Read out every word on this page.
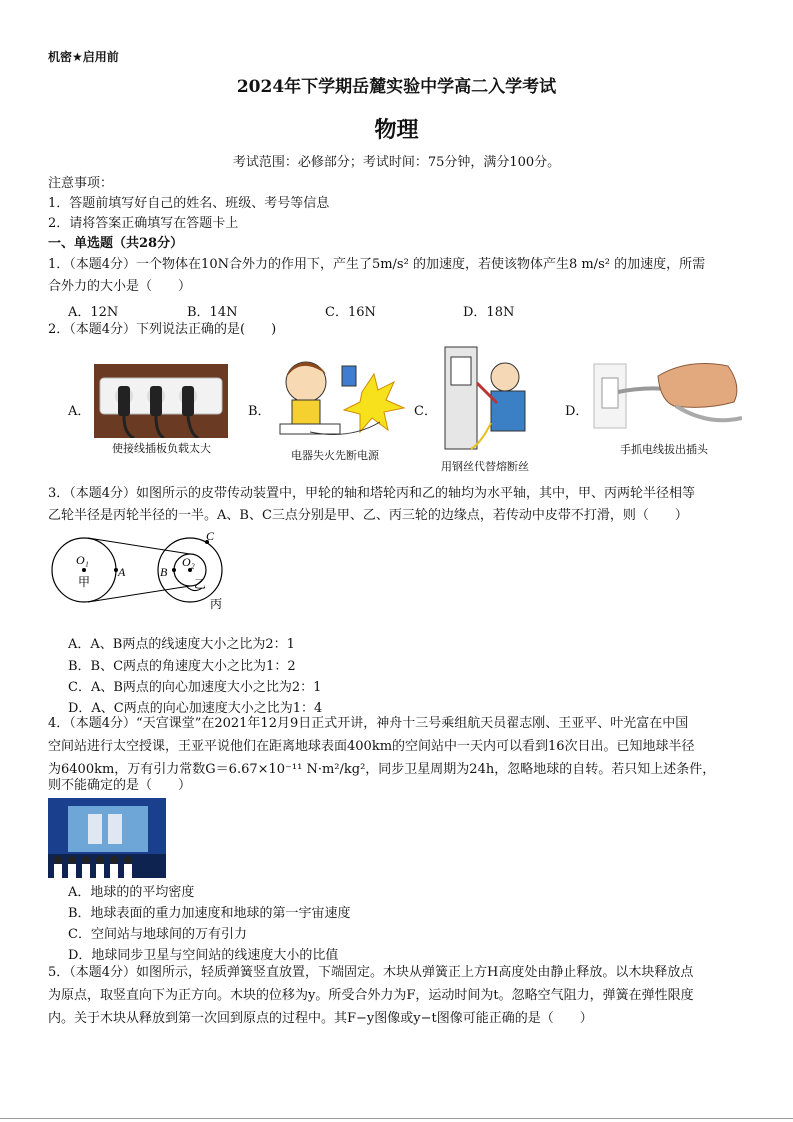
机密★启用前
2024年下学期岳麓实验中学高二入学考试
物理
考试范围：必修部分；考试时间：75分钟，满分100分。
注意事项：
1．答题前填写好自己的姓名、班级、考号等信息
2．请将答案正确填写在答题卡上
一、单选题（共28分）
1．（本题4分）一个物体在10N合外力的作用下，产生了5m/s² 的加速度，若使该物体产生8 m/s² 的加速度，所需
合外力的大小是（　　）
A．12N	B．14N	C．16N	D．18N
2．（本题4分）下列说法正确的是(　　)
A．
使接线插板负载太大
B．
电器失火先断电源
C．
用钢丝代替熔断丝
D．
手抓电线拔出插头
3．（本题4分）如图所示的皮带传动装置中，甲轮的轴和塔轮丙和乙的轴均为水平轴，其中，甲、丙两轮半径相等
乙轮半径是丙轮半径的一半。A、B、C三点分别是甲、乙、丙三轮的边缘点，若传动中皮带不打滑，则（　　）
O₁
甲
A	B
O₂
C
乙
丙
A．A、B两点的线速度大小之比为2：1
B．B、C两点的角速度大小之比为1：2
C．A、B两点的向心加速度大小之比为2：1
D．A、C两点的向心加速度大小之比为1：4
4．（本题4分）“天宫课堂”在2021年12月9日正式开讲，神舟十三号乘组航天员翟志刚、王亚平、叶光富在中国
空间站进行太空授课，王亚平说他们在距离地球表面400km的空间站中一天内可以看到16次日出。已知地球半径
为6400km，万有引力常数G＝6.67×10⁻¹¹ N·m²/kg²，同步卫星周期为24h，忽略地球的自转。若只知上述条件，
则不能确定的是（　　）
A．地球的的平均密度
B．地球表面的重力加速度和地球的第一宇宙速度
C．空间站与地球间的万有引力
D．地球同步卫星与空间站的线速度大小的比值
5．（本题4分）如图所示，轻质弹簧竖直放置，下端固定。木块从弹簧正上方H高度处由静止释放。以木块释放点
为原点，取竖直向下为正方向。木块的位移为y。所受合外力为F，运动时间为t。忽略空气阻力，弹簧在弹性限度
内。关于木块从释放到第一次回到原点的过程中。其F−y图像或y−t图像可能正确的是（　　）
